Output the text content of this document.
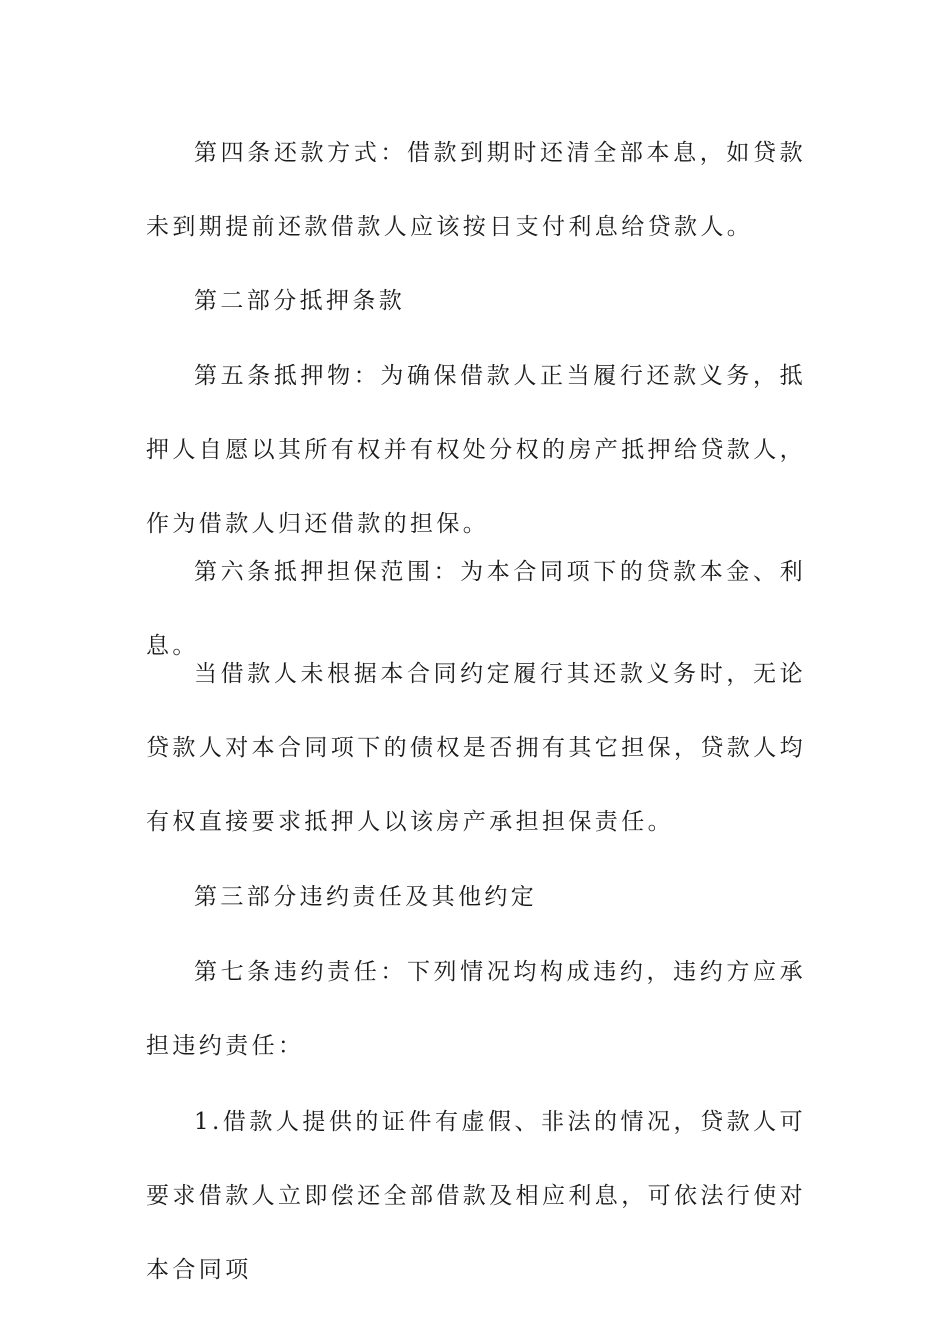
第四条还款方式：借款到期时还清全部本息，如贷款未到期提前还款借款人应该按日支付利息给贷款人。

第二部分抵押条款

第五条抵押物：为确保借款人正当履行还款义务，抵押人自愿以其所有权并有权处分权的房产抵押给贷款人，作为借款人归还借款的担保。

第六条抵押担保范围：为本合同项下的贷款本金、利息。

当借款人未根据本合同约定履行其还款义务时，无论贷款人对本合同项下的债权是否拥有其它担保，贷款人均有权直接要求抵押人以该房产承担担保责任。

第三部分违约责任及其他约定

第七条违约责任：下列情况均构成违约，违约方应承担违约责任：

1.借款人提供的证件有虚假、非法的情况，贷款人可要求借款人立即偿还全部借款及相应利息，可依法行使对本合同项
